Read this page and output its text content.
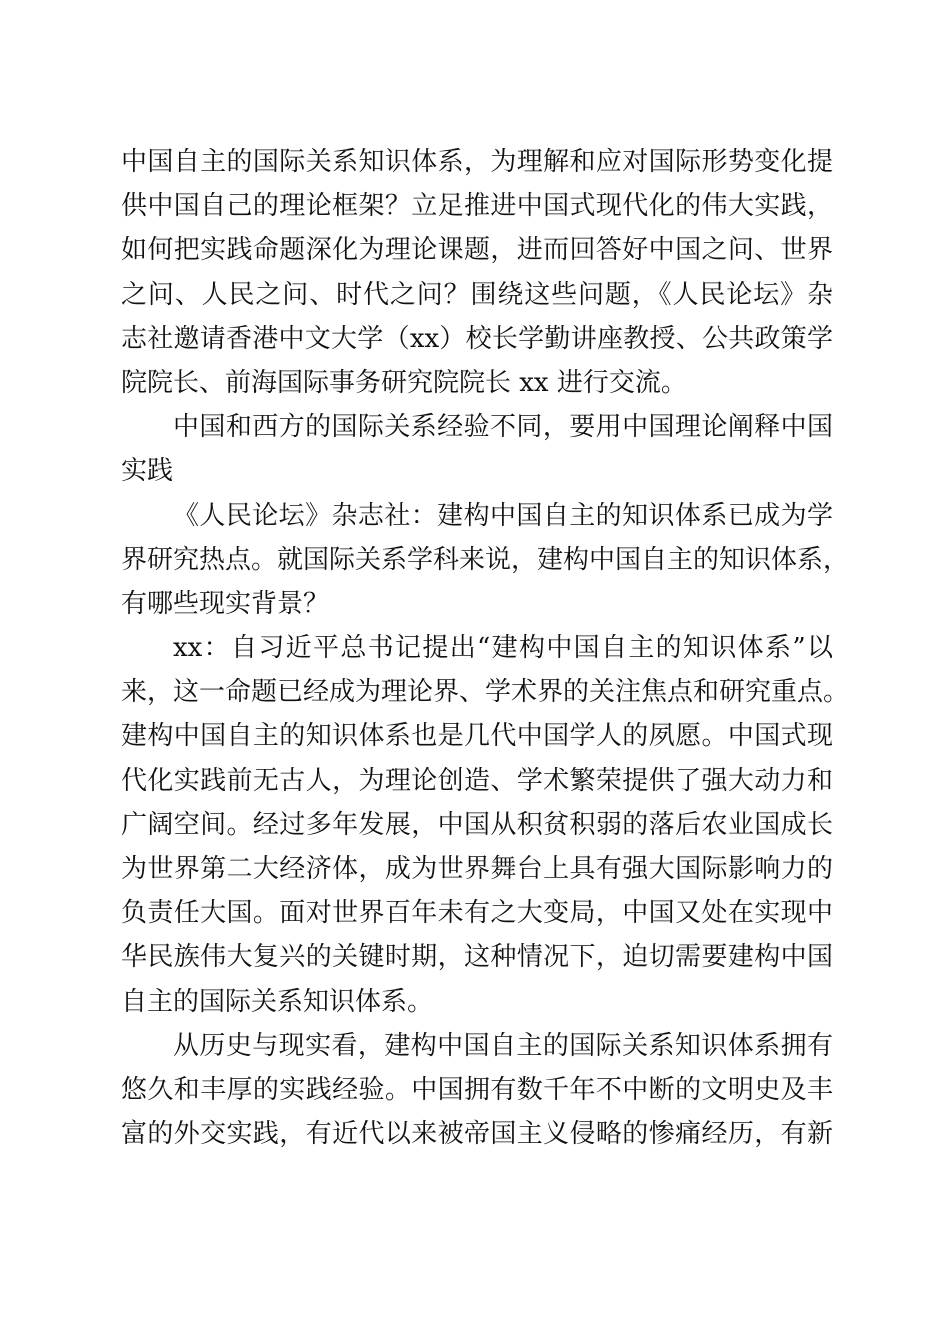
中国自主的国际关系知识体系，为理解和应对国际形势变化提
供中国自己的理论框架？立足推进中国式现代化的伟大实践，
如何把实践命题深化为理论课题，进而回答好中国之问、世界
之问、人民之问、时代之问？围绕这些问题，《人民论坛》杂
志社邀请香港中文大学（xx）校长学勤讲座教授、公共政策学
院院长、前海国际事务研究院院长 xx 进行交流。
中国和西方的国际关系经验不同，要用中国理论阐释中国
实践
《人民论坛》杂志社：建构中国自主的知识体系已成为学
界研究热点。就国际关系学科来说，建构中国自主的知识体系，
有哪些现实背景？
xx：自习近平总书记提出“建构中国自主的知识体系”以
来，这一命题已经成为理论界、学术界的关注焦点和研究重点。
建构中国自主的知识体系也是几代中国学人的夙愿。中国式现
代化实践前无古人，为理论创造、学术繁荣提供了强大动力和
广阔空间。经过多年发展，中国从积贫积弱的落后农业国成长
为世界第二大经济体，成为世界舞台上具有强大国际影响力的
负责任大国。面对世界百年未有之大变局，中国又处在实现中
华民族伟大复兴的关键时期，这种情况下，迫切需要建构中国
自主的国际关系知识体系。
从历史与现实看，建构中国自主的国际关系知识体系拥有
悠久和丰厚的实践经验。中国拥有数千年不中断的文明史及丰
富的外交实践，有近代以来被帝国主义侵略的惨痛经历，有新
